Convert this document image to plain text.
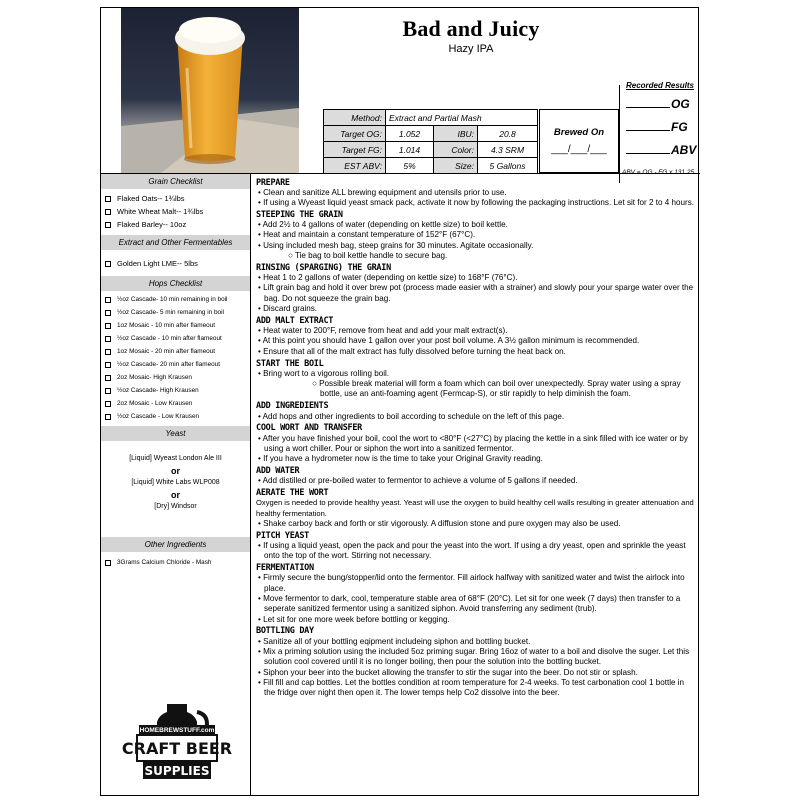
Bad and Juicy
Hazy IPA
Method:	Extract and Partial Mash		
Target OG:	1.052	IBU:	20.8
Target FG:	1.014	Color:	4.3 SRM
EST ABV:	5%	Size:	5 Gallons
Brewed On
___/___/___
Recorded Results
OG
FG
ABV
Grain Checklist
Flaked Oats-- 1¾lbs
White Wheat Malt-- 1¾lbs
Flaked Barley-- 10oz
Extract and Other Fermentables
Golden Light LME-- 5lbs
Hops Checklist
½oz Cascade- 10 min remaining in boil
½oz Cascade- 5 min remaining in boil
1oz Mosaic - 10 min after flameout
½oz Cascade - 10 min after flameout
1oz Mosaic - 20 min after flameout
½oz Cascade- 20 min after flameout
2oz Mosaic- High Krausen
½oz Cascade- High Krausen
2oz Mosaic - Low Krausen
½oz Cascade - Low Krausen
Yeast
[Liquid] Wyeast London Ale III
or
[Liquid] White Labs WLP008
or
[Dry] Windsor
Other Ingredients
3Grams Calcium Chloride - Mash
HOMEBREWSTUFF.com
CRAFT BEER
SUPPLIES
PREPARE
• Clean and sanitize ALL brewing equipment and utensils prior to use.
• If using a Wyeast liquid yeast smack pack, activate it now by following the packaging instructions. Let sit for 2 to 4 hours.
STEEPING THE GRAIN
• Add 2½ to 4 gallons of water (depending on kettle size) to boil kettle.
• Heat and maintain a constant temperature of 152°F (67°C).
• Using included mesh bag, steep grains for 30 minutes. Agitate occasionally.
○ Tie bag to boil kettle handle to secure bag.
RINSING (SPARGING) THE GRAIN
• Heat 1 to 2 gallons of water (depending on kettle size) to 168°F (76°C).
• Lift grain bag and hold it over brew pot (process made easier with a strainer) and slowly pour your sparge water over the bag. Do not squeeze the grain bag.
• Discard grains.
ADD MALT EXTRACT
• Heat water to 200°F, remove from heat and add your malt extract(s).
• At this point you should have 1 gallon over your post boil volume. A 3½ gallon minimum is recommended.
• Ensure that all of the malt extract has fully dissolved before turning the heat back on.
START THE BOIL
• Bring wort to a vigorous rolling boil.
○ Possible break material will form a foam which can boil over unexpectedly. Spray water using a spray bottle, use an anti-foaming agent (Fermcap-S), or stir rapidly to help diminish the foam.
ADD INGREDIENTS
• Add hops and other ingredients to boil according to schedule on the left of this page.
COOL WORT AND TRANSFER
• After you have finished your boil, cool the wort to <80°F (<27°C) by placing the kettle in a sink filled with ice water or by using a wort chiller. Pour or siphon the wort into a sanitized fermentor.
• If you have a hydrometer now is the time to take your Original Gravity reading.
ADD WATER
• Add distilled or pre-boiled water to fermentor to achieve a volume of 5 gallons if needed.
AERATE THE WORT
Oxygen is needed to provide healthy yeast. Yeast will use the oxygen to build healthy cell walls resulting in greater attenuation and healthy fermentation.
• Shake carboy back and forth or stir vigorously. A diffusion stone and pure oxygen may also be used.
PITCH YEAST
• If using a liquid yeast, open the pack and pour the yeast into the wort. If using a dry yeast, open and sprinkle the yeast onto the top of the wort. Stirring not necessary.
FERMENTATION
• Firmly secure the bung/stopper/lid onto the fermentor. Fill airlock halfway with sanitized water and twist the airlock into place.
• Move fermentor to dark, cool, temperature stable area of 68°F (20°C). Let sit for one week (7 days) then transfer to a seperate sanitized fermentor using a sanitized siphon. Avoid transferring any sediment (trub).
• Let sit for one more week before bottling or kegging.
BOTTLING DAY
• Sanitize all of your bottling eqipment includeing siphon and bottling bucket.
• Mix a priming solution using the included 5oz priming sugar. Bring 16oz of water to a boil and disolve the suger. Let this solution cool covered until it is no longer boiling, then pour the solution into the bottling bucket.
• Siphon your beer into the bucket allowing the transfer to stir the sugar into the beer. Do not stir or splash.
• Fill fill and cap bottles. Let the bottles condition at room temperature for 2-4 weeks. To test carbonation cool 1 bottle in the fridge over night then open it. The lower temps help Co2 dissolve into the beer.
